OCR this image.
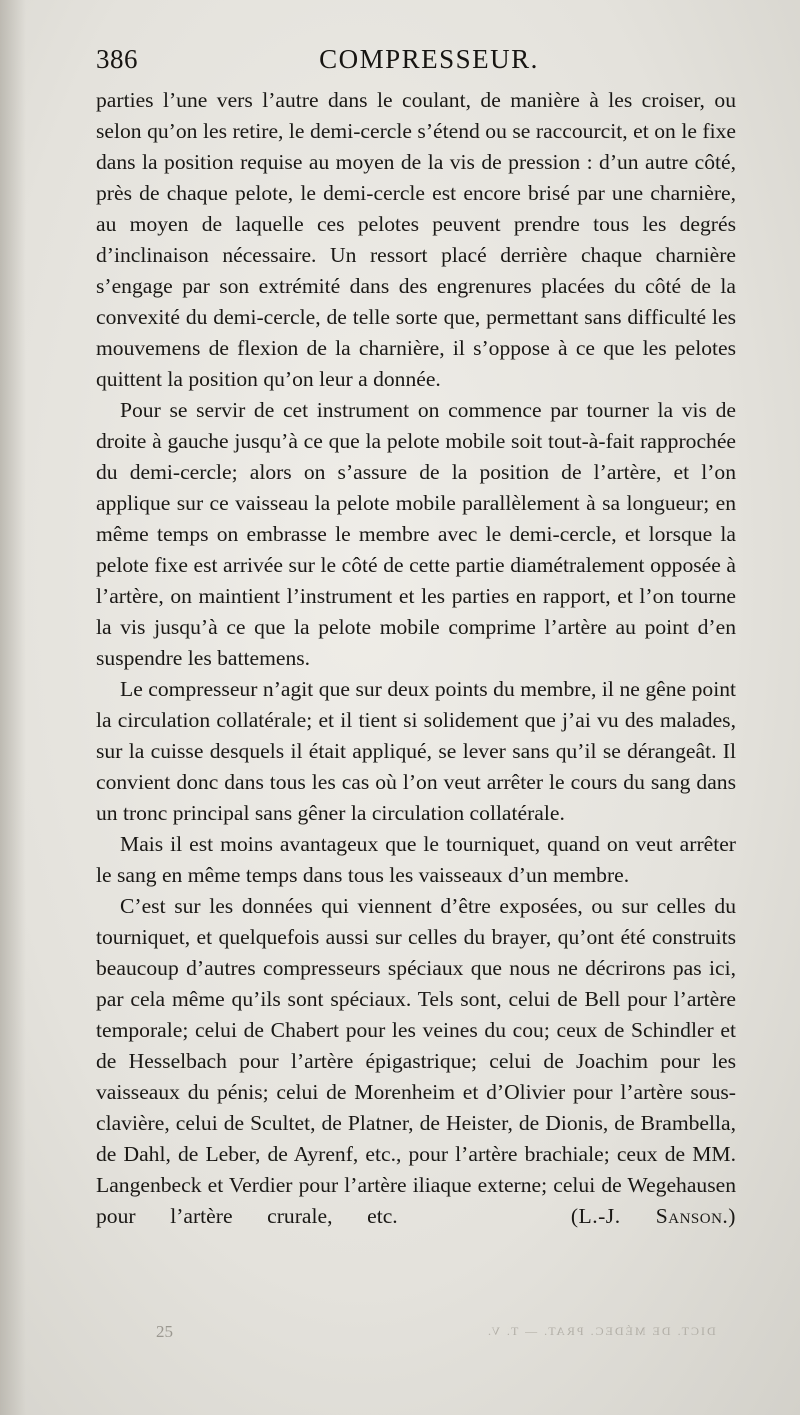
386	COMPRESSEUR.

parties l’une vers l’autre dans le coulant, de manière à les croiser, ou selon qu’on les retire, le demi-cercle s’étend ou se raccourcit, et on le fixe dans la position requise au moyen de la vis de pression : d’un autre côté, près de chaque pelote, le demi-cercle est encore brisé par une charnière, au moyen de laquelle ces pelotes peuvent prendre tous les degrés d’inclinaison nécessaire. Un ressort placé derrière chaque charnière s’engage par son extrémité dans des engrenures placées du côté de la convexité du demi-cercle, de telle sorte que, permettant sans difficulté les mouvemens de flexion de la charnière, il s’oppose à ce que les pelotes quittent la position qu’on leur a donnée.

Pour se servir de cet instrument on commence par tourner la vis de droite à gauche jusqu’à ce que la pelote mobile soit tout-à-fait rapprochée du demi-cercle; alors on s’assure de la position de l’artère, et l’on applique sur ce vaisseau la pelote mobile parallèlement à sa longueur; en même temps on embrasse le membre avec le demi-cercle, et lorsque la pelote fixe est arrivée sur le côté de cette partie diamétralement opposée à l’artère, on maintient l’instrument et les parties en rapport, et l’on tourne la vis jusqu’à ce que la pelote mobile comprime l’artère au point d’en suspendre les battemens.

Le compresseur n’agit que sur deux points du membre, il ne gêne point la circulation collatérale; et il tient si solidement que j’ai vu des malades, sur la cuisse desquels il était appliqué, se lever sans qu’il se dérangeât. Il convient donc dans tous les cas où l’on veut arrêter le cours du sang dans un tronc principal sans gêner la circulation collatérale.

Mais il est moins avantageux que le tourniquet, quand on veut arrêter le sang en même temps dans tous les vaisseaux d’un membre.

C’est sur les données qui viennent d’être exposées, ou sur celles du tourniquet, et quelquefois aussi sur celles du brayer, qu’ont été construits beaucoup d’autres compresseurs spéciaux que nous ne décrirons pas ici, par cela même qu’ils sont spéciaux. Tels sont, celui de Bell pour l’artère temporale; celui de Chabert pour les veines du cou; ceux de Schindler et de Hesselbach pour l’artère épigastrique; celui de Joachim pour les vaisseaux du pénis; celui de Morenheim et d’Olivier pour l’artère sous-clavière, celui de Scultet, de Platner, de Heister, de Dionis, de Brambella, de Dahl, de Leber, de Ayrenf, etc., pour l’artère brachiale; ceux de MM. Langenbeck et Verdier pour l’artère iliaque externe; celui de Wegehausen pour l’artère crurale, etc.	(L.-J. Sanson.)

25	DICT. DE MÉDEC. PRAT. — T. V.
